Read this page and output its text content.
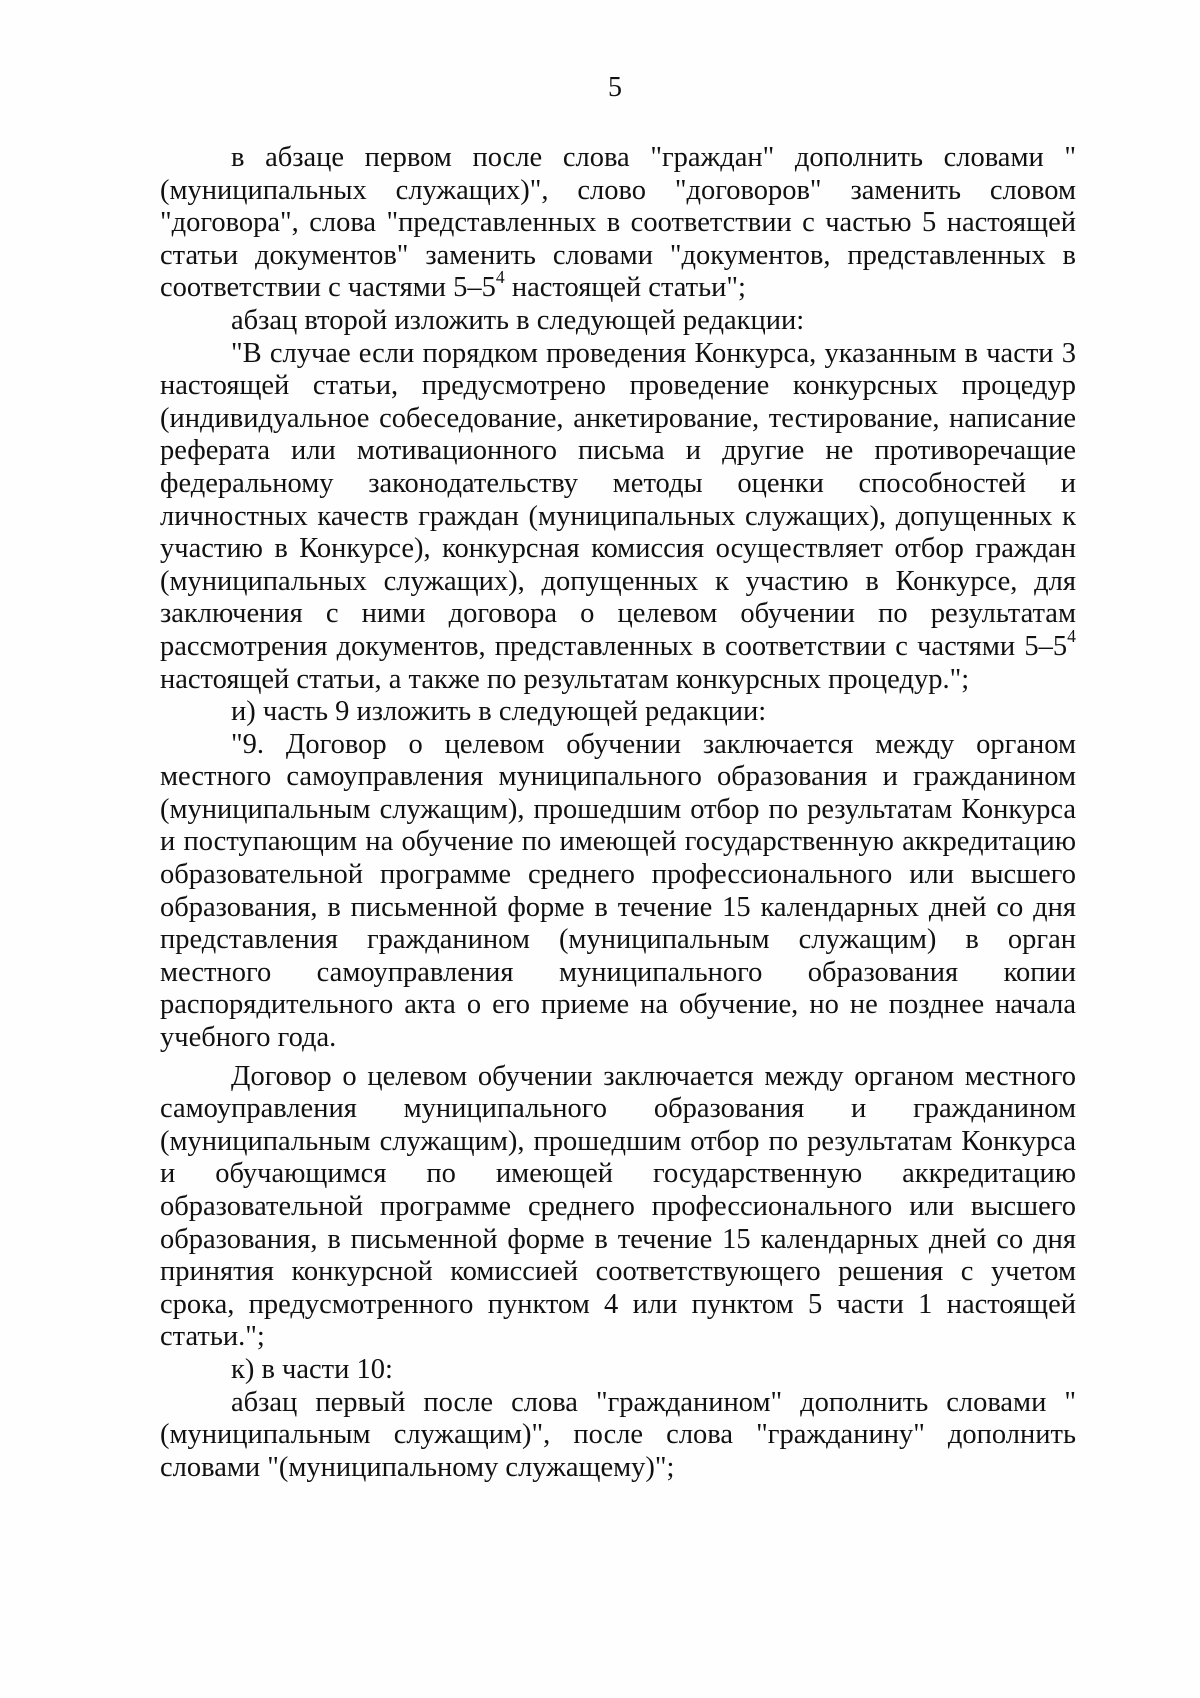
5

в абзаце первом после слова "граждан" дополнить словами "(муниципальных служащих)", слово "договоров" заменить словом "договора", слова "представленных в соответствии с частью 5 настоящей статьи документов" заменить словами "документов, представленных в соответствии с частями $5-5^4$ настоящей статьи";

абзац второй изложить в следующей редакции:

"В случае если порядком проведения Конкурса, указанным в части 3 настоящей статьи, предусмотрено проведение конкурсных процедур (индивидуальное собеседование, анкетирование, тестирование, написание реферата или мотивационного письма и другие не противоречащие федеральному законодательству методы оценки способностей и личностных качеств граждан (муниципальных служащих), допущенных к участию в Конкурсе), конкурсная комиссия осуществляет отбор граждан (муниципальных служащих), допущенных к участию в Конкурсе, для заключения с ними договора о целевом обучении по результатам рассмотрения документов, представленных в соответствии с частями $5-5^4$ настоящей статьи, а также по результатам конкурсных процедур.";

и) часть 9 изложить в следующей редакции:

"9. Договор о целевом обучении заключается между органом местного самоуправления муниципального образования и гражданином (муниципальным служащим), прошедшим отбор по результатам Конкурса и поступающим на обучение по имеющей государственную аккредитацию образовательной программе среднего профессионального или высшего образования, в письменной форме в течение 15 календарных дней со дня представления гражданином (муниципальным служащим) в орган местного самоуправления муниципального образования копии распорядительного акта о его приеме на обучение, но не позднее начала учебного года.

Договор о целевом обучении заключается между органом местного самоуправления муниципального образования и гражданином (муниципальным служащим), прошедшим отбор по результатам Конкурса и обучающимся по имеющей государственную аккредитацию образовательной программе среднего профессионального или высшего образования, в письменной форме в течение 15 календарных дней со дня принятия конкурсной комиссией соответствующего решения с учетом срока, предусмотренного пунктом 4 или пунктом 5 части 1 настоящей статьи.";

к) в части 10:

абзац первый после слова "гражданином" дополнить словами "(муниципальным служащим)", после слова "гражданину" дополнить словами "(муниципальному служащему)";
